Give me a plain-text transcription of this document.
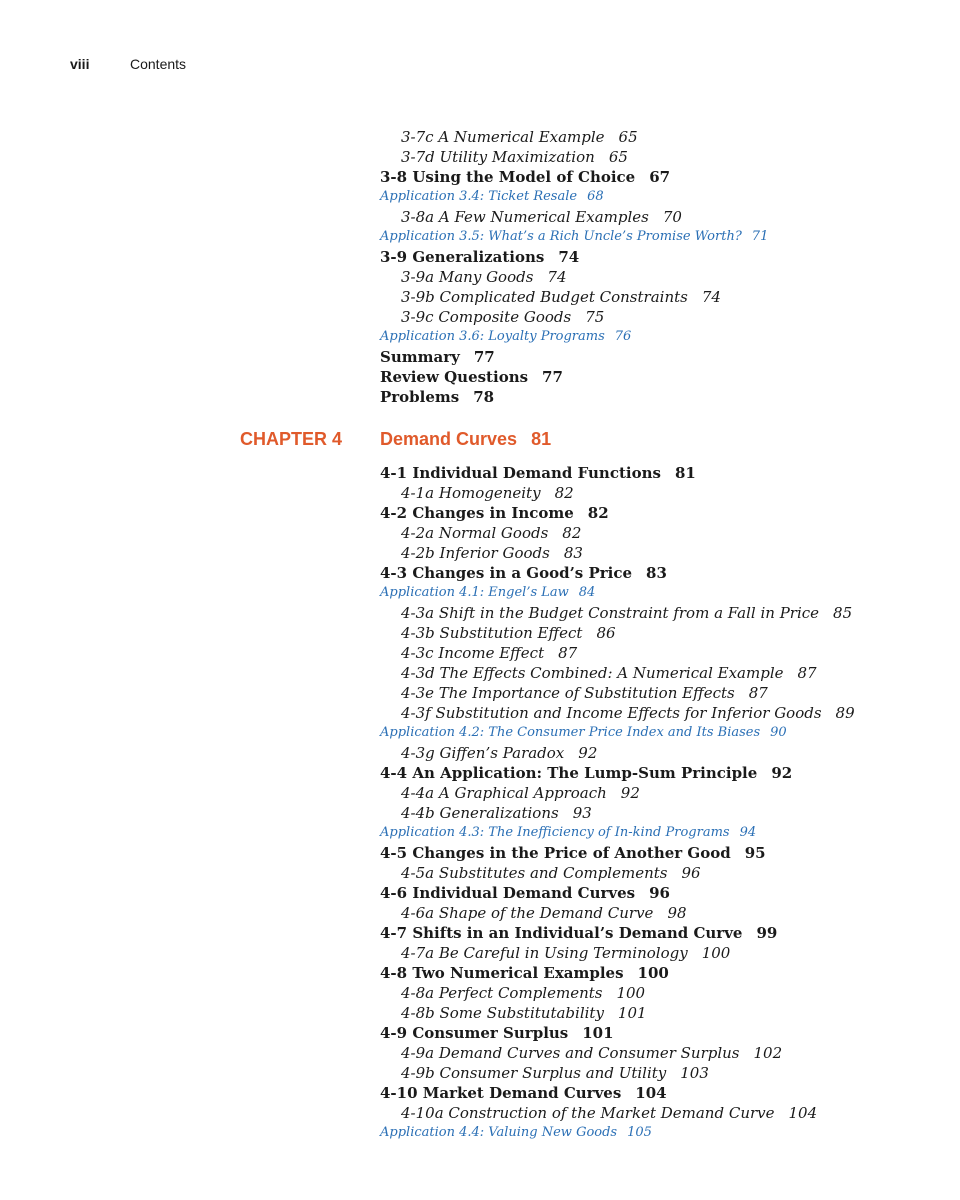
viii	Contents
3-7c A Numerical Example 65
3-7d Utility Maximization 65
3-8 Using the Model of Choice 67
Application 3.4: Ticket Resale 68
3-8a A Few Numerical Examples 70
Application 3.5: What’s a Rich Uncle’s Promise Worth? 71
3-9 Generalizations 74
3-9a Many Goods 74
3-9b Complicated Budget Constraints 74
3-9c Composite Goods 75
Application 3.6: Loyalty Programs 76
Summary 77
Review Questions 77
Problems 78
CHAPTER 4 Demand Curves 81
4-1 Individual Demand Functions 81
4-1a Homogeneity 82
4-2 Changes in Income 82
4-2a Normal Goods 82
4-2b Inferior Goods 83
4-3 Changes in a Good’s Price 83
Application 4.1: Engel’s Law 84
4-3a Shift in the Budget Constraint from a Fall in Price 85
4-3b Substitution Effect 86
4-3c Income Effect 87
4-3d The Effects Combined: A Numerical Example 87
4-3e The Importance of Substitution Effects 87
4-3f Substitution and Income Effects for Inferior Goods 89
Application 4.2: The Consumer Price Index and Its Biases 90
4-3g Giffen’s Paradox 92
4-4 An Application: The Lump-Sum Principle 92
4-4a A Graphical Approach 92
4-4b Generalizations 93
Application 4.3: The Inefficiency of In-kind Programs 94
4-5 Changes in the Price of Another Good 95
4-5a Substitutes and Complements 96
4-6 Individual Demand Curves 96
4-6a Shape of the Demand Curve 98
4-7 Shifts in an Individual’s Demand Curve 99
4-7a Be Careful in Using Terminology 100
4-8 Two Numerical Examples 100
4-8a Perfect Complements 100
4-8b Some Substitutability 101
4-9 Consumer Surplus 101
4-9a Demand Curves and Consumer Surplus 102
4-9b Consumer Surplus and Utility 103
4-10 Market Demand Curves 104
4-10a Construction of the Market Demand Curve 104
Application 4.4: Valuing New Goods 105
